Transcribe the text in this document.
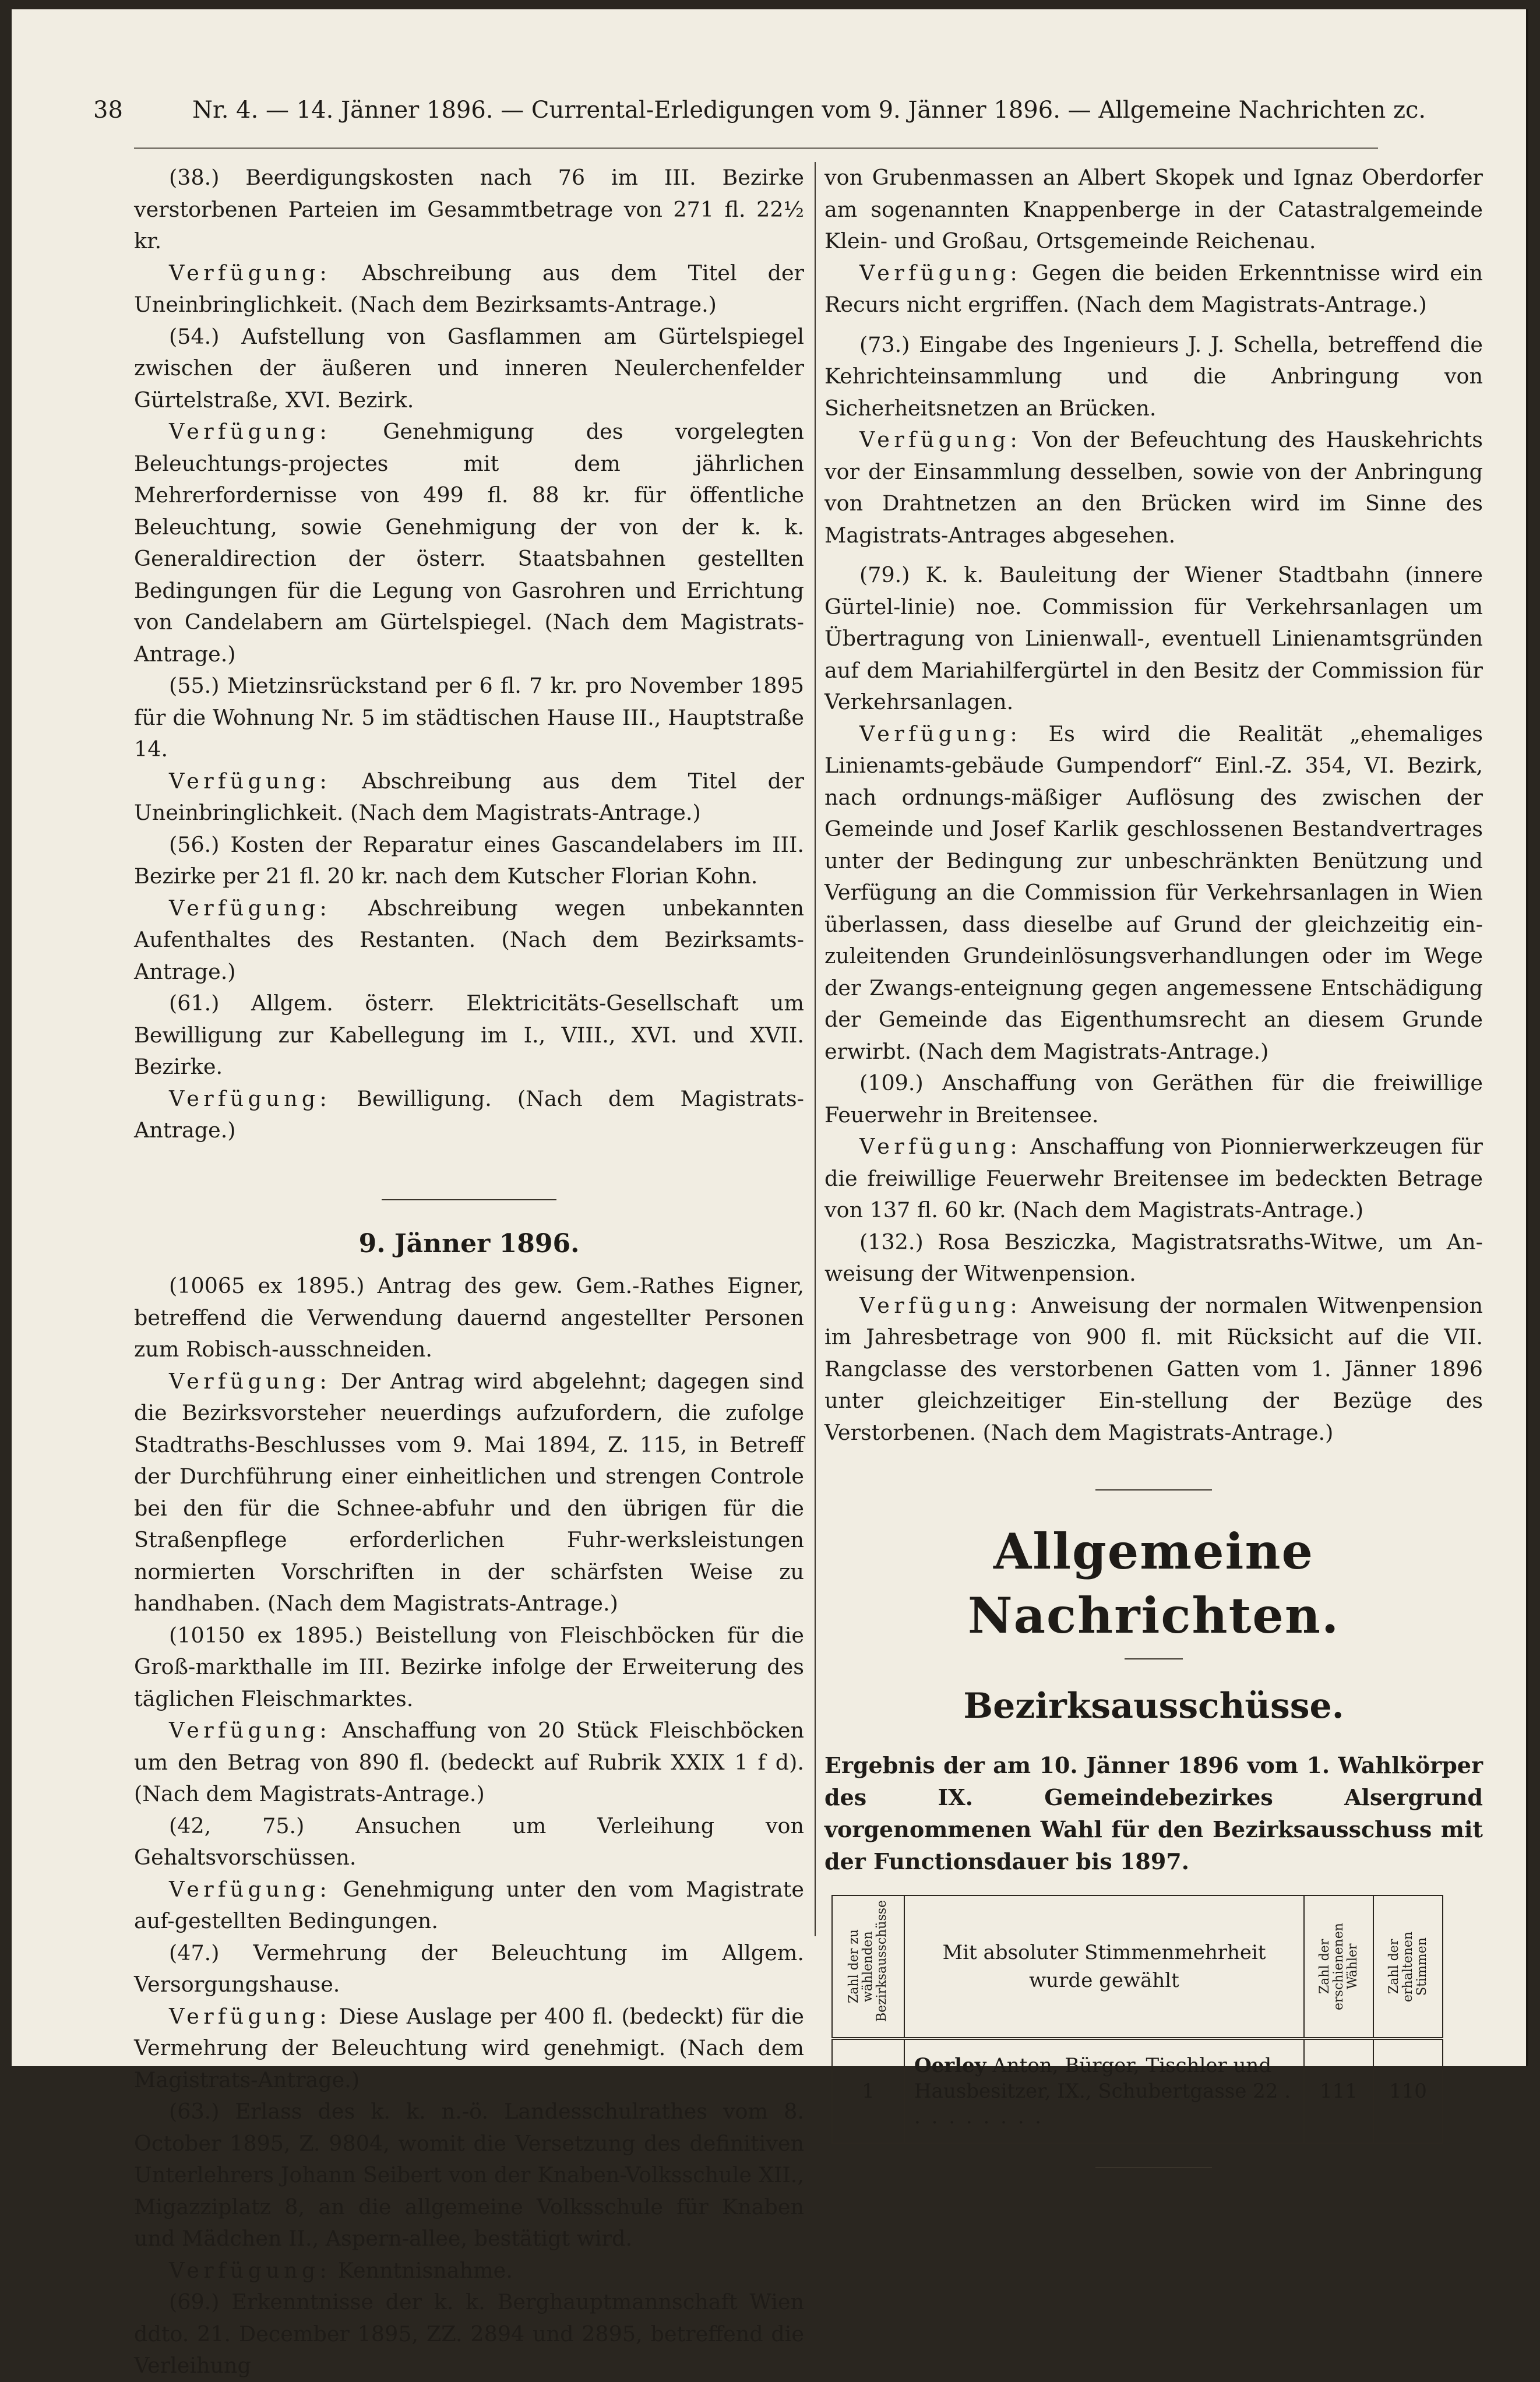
38	Nr. 4. — 14. Jänner 1896. — Currental-Erledigungen vom 9. Jänner 1896. — Allgemeine Nachrichten zc.

(38.) Beerdigungskosten nach 76 im III. Bezirke verstorbenen Parteien im Gesammtbetrage von 271 fl. 22½ kr.

Verfügung: Abschreibung aus dem Titel der Uneinbringlichkeit. (Nach dem Bezirksamts-Antrage.)

(54.) Aufstellung von Gasflammen am Gürtelspiegel zwischen der äußeren und inneren Neulerchenfelder Gürtelstraße, XVI. Bezirk.

Verfügung: Genehmigung des vorgelegten Beleuchtungs-projectes mit dem jährlichen Mehrerfordernisse von 499 fl. 88 kr. für öffentliche Beleuchtung, sowie Genehmigung der von der k. k. Generaldirection der österr. Staatsbahnen gestellten Bedingungen für die Legung von Gasrohren und Errichtung von Candelabern am Gürtelspiegel. (Nach dem Magistrats-Antrage.)

(55.) Mietzinsrückstand per 6 fl. 7 kr. pro November 1895 für die Wohnung Nr. 5 im städtischen Hause III., Hauptstraße 14.

Verfügung: Abschreibung aus dem Titel der Uneinbringlichkeit. (Nach dem Magistrats-Antrage.)

(56.) Kosten der Reparatur eines Gascandelabers im III. Bezirke per 21 fl. 20 kr. nach dem Kutscher Florian Kohn.

Verfügung: Abschreibung wegen unbekannten Aufenthaltes des Restanten. (Nach dem Bezirksamts-Antrage.)

(61.) Allgem. österr. Elektricitäts-Gesellschaft um Bewilligung zur Kabellegung im I., VIII., XVI. und XVII. Bezirke.

Verfügung: Bewilligung. (Nach dem Magistrats-Antrage.)

9. Jänner 1896.

(10065 ex 1895.) Antrag des gew. Gem.-Rathes Eigner, betreffend die Verwendung dauernd angestellter Personen zum Robisch-ausschneiden.

Verfügung: Der Antrag wird abgelehnt; dagegen sind die Bezirksvorsteher neuerdings aufzufordern, die zufolge Stadtraths-Beschlusses vom 9. Mai 1894, Z. 115, in Betreff der Durchführung einer einheitlichen und strengen Controle bei den für die Schnee-abfuhr und den übrigen für die Straßenpflege erforderlichen Fuhr-werksleistungen normierten Vorschriften in der schärfsten Weise zu handhaben. (Nach dem Magistrats-Antrage.)

(10150 ex 1895.) Beistellung von Fleischböcken für die Groß-markthalle im III. Bezirke infolge der Erweiterung des täglichen Fleischmarktes.

Verfügung: Anschaffung von 20 Stück Fleischböcken um den Betrag von 890 fl. (bedeckt auf Rubrik XXIX 1 f d). (Nach dem Magistrats-Antrage.)

(42, 75.) Ansuchen um Verleihung von Gehaltsvorschüssen.

Verfügung: Genehmigung unter den vom Magistrate auf-gestellten Bedingungen.

(47.) Vermehrung der Beleuchtung im Allgem. Versorgungshause.

Verfügung: Diese Auslage per 400 fl. (bedeckt) für die Vermehrung der Beleuchtung wird genehmigt. (Nach dem Magistrats-Antrage.)

(63.) Erlass des k. k. n.-ö. Landesschulrathes vom 8. October 1895, Z. 9804, womit die Versetzung des definitiven Unterlehrers Johann Seibert von der Knaben-Volksschule XII., Migazziplatz 8, an die allgemeine Volksschule für Knaben und Mädchen II., Aspern-allee, bestätigt wird.

Verfügung: Kenntnisnahme.

(69.) Erkenntnisse der k. k. Berghauptmannschaft Wien ddto. 21. December 1895, ZZ. 2894 und 2895, betreffend die Verleihung

von Grubenmassen an Albert Skopek und Ignaz Oberdorfer am sogenannten Knappenberge in der Catastralgemeinde Klein- und Großau, Ortsgemeinde Reichenau.

Verfügung: Gegen die beiden Erkenntnisse wird ein Recurs nicht ergriffen. (Nach dem Magistrats-Antrage.)

(73.) Eingabe des Ingenieurs J. J. Schella, betreffend die Kehrichteinsammlung und die Anbringung von Sicherheitsnetzen an Brücken.

Verfügung: Von der Befeuchtung des Hauskehrichts vor der Einsammlung desselben, sowie von der Anbringung von Drahtnetzen an den Brücken wird im Sinne des Magistrats-Antrages abgesehen.

(79.) K. k. Bauleitung der Wiener Stadtbahn (innere Gürtel-linie) noe. Commission für Verkehrsanlagen um Übertragung von Linienwall-, eventuell Linienamtsgründen auf dem Mariahilfergürtel in den Besitz der Commission für Verkehrsanlagen.

Verfügung: Es wird die Realität „ehemaliges Linienamts-gebäude Gumpendorf“ Einl.-Z. 354, VI. Bezirk, nach ordnungs-mäßiger Auflösung des zwischen der Gemeinde und Josef Karlik geschlossenen Bestandvertrages unter der Bedingung zur unbeschränkten Benützung und Verfügung an die Commission für Verkehrsanlagen in Wien überlassen, dass dieselbe auf Grund der gleichzeitig ein-zuleitenden Grundeinlösungsverhandlungen oder im Wege der Zwangs-enteignung gegen angemessene Entschädigung der Gemeinde das Eigenthumsrecht an diesem Grunde erwirbt. (Nach dem Magistrats-Antrage.)

(109.) Anschaffung von Geräthen für die freiwillige Feuerwehr in Breitensee.

Verfügung: Anschaffung von Pionnierwerkzeugen für die freiwillige Feuerwehr Breitensee im bedeckten Betrage von 137 fl. 60 kr. (Nach dem Magistrats-Antrage.)

(132.) Rosa Besziczka, Magistratsraths-Witwe, um An-weisung der Witwenpension.

Verfügung: Anweisung der normalen Witwenpension im Jahresbetrage von 900 fl. mit Rücksicht auf die VII. Rangclasse des verstorbenen Gatten vom 1. Jänner 1896 unter gleichzeitiger Ein-stellung der Bezüge des Verstorbenen. (Nach dem Magistrats-Antrage.)

Allgemeine Nachrichten.
Bezirksausschüsse.

Ergebnis der am 10. Jänner 1896 vom 1. Wahlkörper des IX. Gemeindebezirkes Alsergrund vorgenommenen Wahl für den Bezirksausschuss mit der Functionsdauer bis 1897.

Zahl der zu wählenden Bezirksausschüsse	Mit absoluter Stimmenmehrheit wurde gewählt	Zahl der erschienenen Wähler	Zahl der erhaltenen Stimmen

1	Oerley Anton, Bürger, Tischler und Hausbesitzer, IX., Schubertgasse 22 . . . . . . . . .	111	110
